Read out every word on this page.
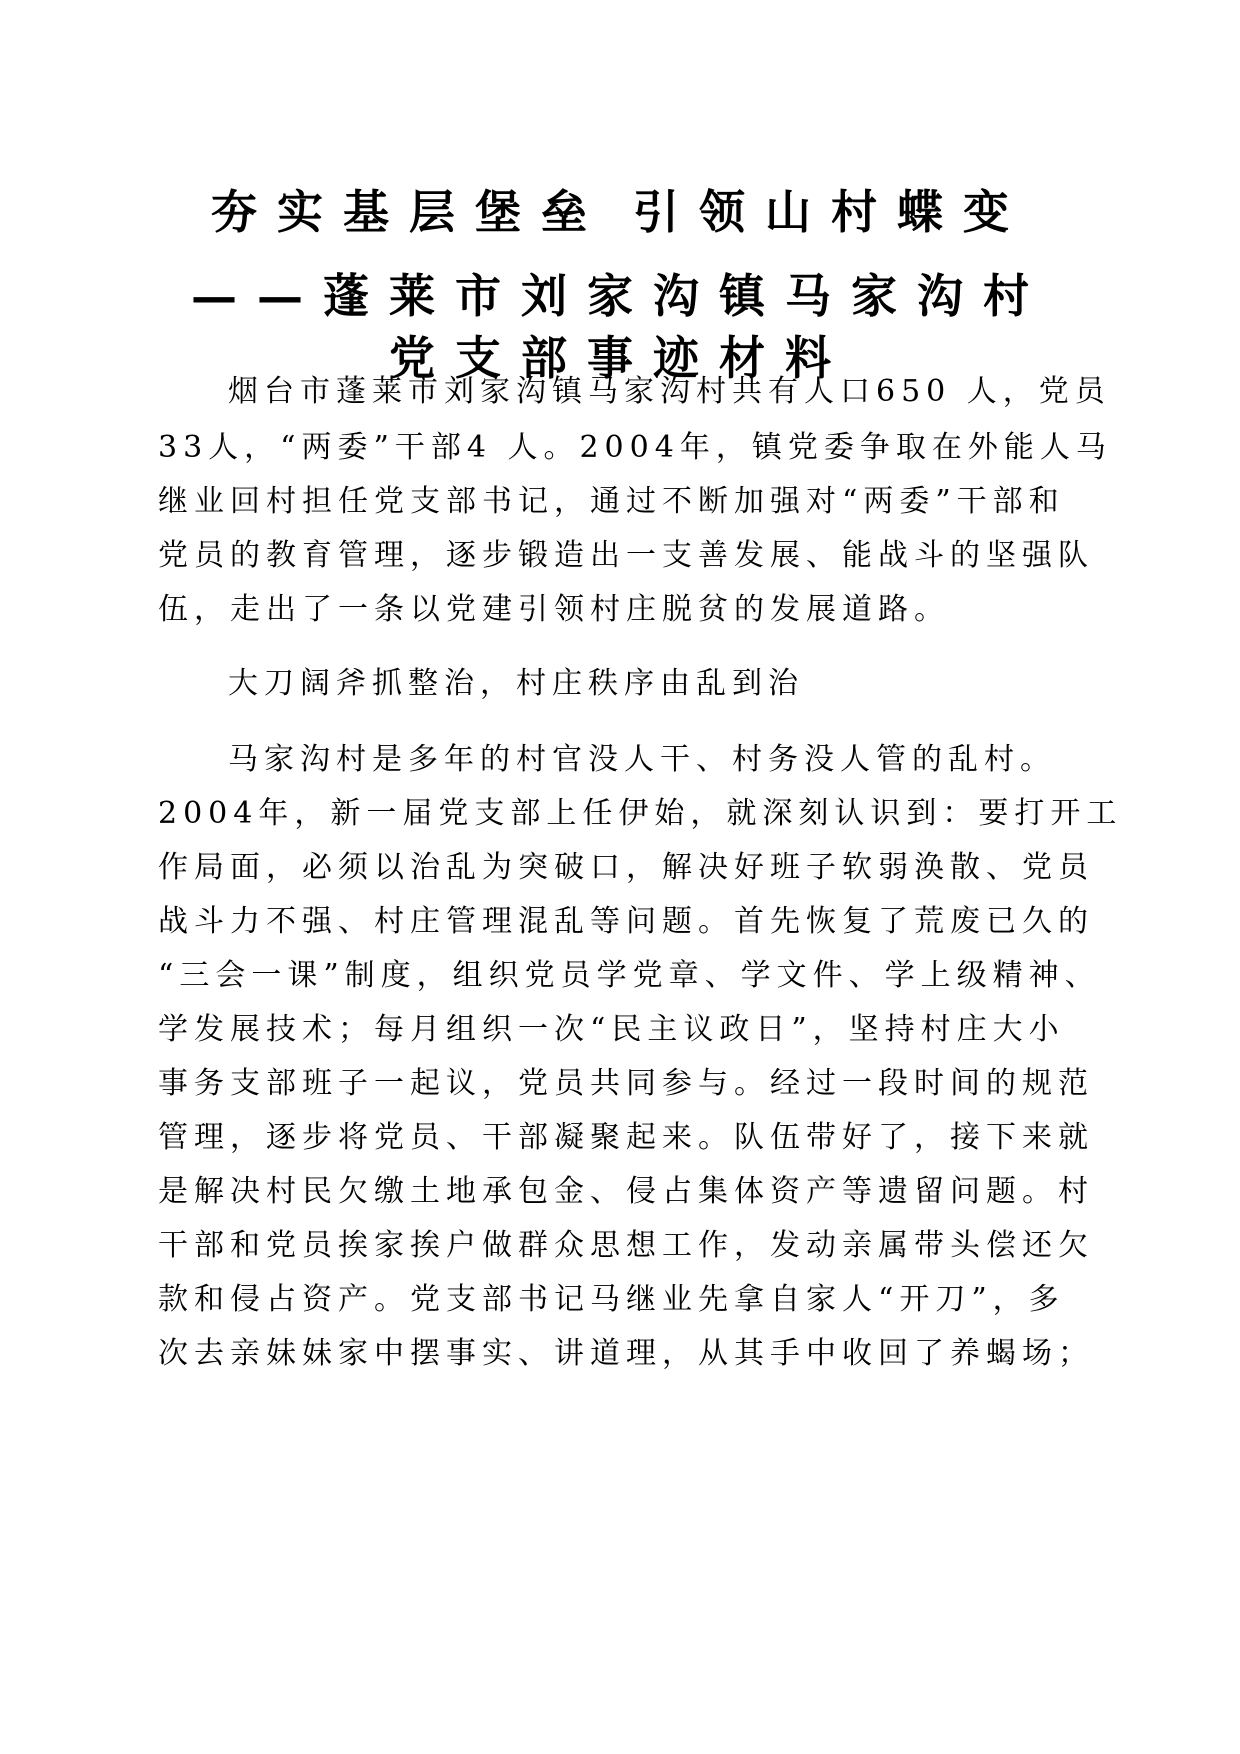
夯实基层堡垒 引领山村蝶变
——蓬莱市刘家沟镇马家沟村
党支部事迹材料
烟台市蓬莱市刘家沟镇马家沟村共有人口650 人，党员
33人，“两委”干部4 人。2004年，镇党委争取在外能人马
继业回村担任党支部书记，通过不断加强对“两委”干部和
党员的教育管理，逐步锻造出一支善发展、能战斗的坚强队
伍，走出了一条以党建引领村庄脱贫的发展道路。
大刀阔斧抓整治，村庄秩序由乱到治
马家沟村是多年的村官没人干、村务没人管的乱村。
2004年，新一届党支部上任伊始，就深刻认识到：要打开工
作局面，必须以治乱为突破口，解决好班子软弱涣散、党员
战斗力不强、村庄管理混乱等问题。首先恢复了荒废已久的
“三会一课”制度，组织党员学党章、学文件、学上级精神、
学发展技术；每月组织一次“民主议政日”，坚持村庄大小
事务支部班子一起议，党员共同参与。经过一段时间的规范
管理，逐步将党员、干部凝聚起来。队伍带好了，接下来就
是解决村民欠缴土地承包金、侵占集体资产等遗留问题。村
干部和党员挨家挨户做群众思想工作，发动亲属带头偿还欠
款和侵占资产。党支部书记马继业先拿自家人“开刀”，多
次去亲妹妹家中摆事实、讲道理，从其手中收回了养蝎场；
